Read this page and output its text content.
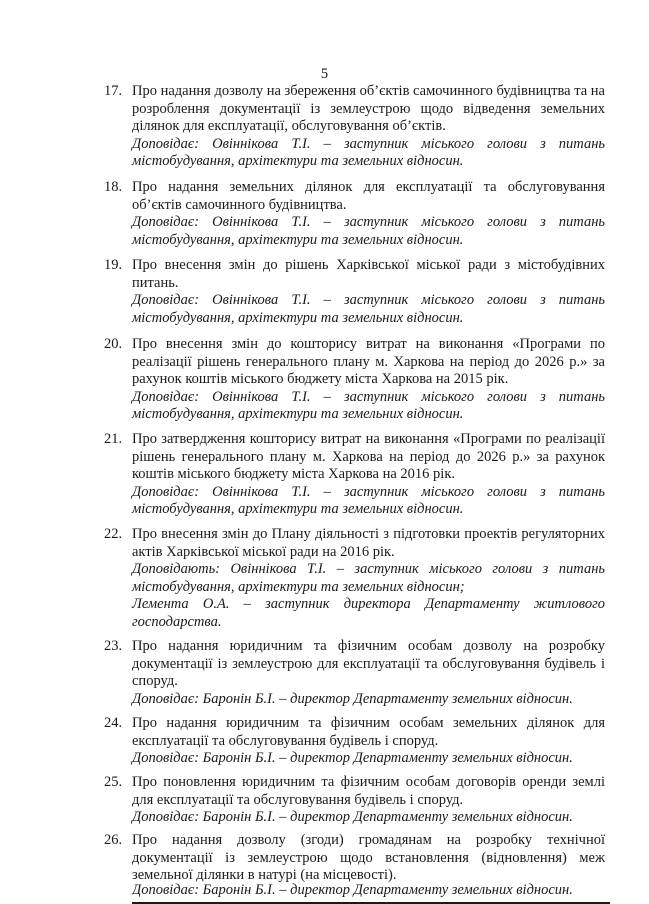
5
17. Про надання дозволу на збереження об’єктів самочинного будівництва та на розроблення документації із землеустрою щодо відведення земельних ділянок для експлуатації, обслуговування об’єктів.
Доповідає: Овіннікова Т.І. – заступник міського голови з питань містобудування, архітектури та земельних відносин.
18. Про надання земельних ділянок для експлуатації та обслуговування об’єктів самочинного будівництва.
Доповідає: Овіннікова Т.І. – заступник міського голови з питань містобудування, архітектури та земельних відносин.
19. Про внесення змін до рішень Харківської міської ради з містобудівних питань.
Доповідає: Овіннікова Т.І. – заступник міського голови з питань містобудування, архітектури та земельних відносин.
20. Про внесення змін до кошторису витрат на виконання «Програми по реалізації рішень генерального плану м. Харкова на період до 2026 р.» за рахунок коштів міського бюджету міста Харкова на 2015 рік.
Доповідає: Овіннікова Т.І. – заступник міського голови з питань містобудування, архітектури та земельних відносин.
21. Про затвердження кошторису витрат на виконання «Програми по реалізації рішень генерального плану м. Харкова на період до 2026 р.» за рахунок коштів міського бюджету міста Харкова на 2016 рік.
Доповідає: Овіннікова Т.І. – заступник міського голови з питань містобудування, архітектури та земельних відносин.
22. Про внесення змін до Плану діяльності з підготовки проектів регуляторних актів Харківської міської ради на 2016 рік.
Доповідають: Овіннікова Т.І. – заступник міського голови з питань містобудування, архітектури та земельних відносин;
Лемента О.А. – заступник директора Департаменту житлового господарства.
23. Про надання юридичним та фізичним особам дозволу на розробку документації із землеустрою для експлуатації та обслуговування будівель і споруд.
Доповідає: Баронін Б.І. – директор Департаменту земельних відносин.
24. Про надання юридичним та фізичним особам земельних ділянок для експлуатації та обслуговування будівель і споруд.
Доповідає: Баронін Б.І. – директор Департаменту земельних відносин.
25. Про поновлення юридичним та фізичним особам договорів оренди землі для експлуатації та обслуговування будівель і споруд.
Доповідає: Баронін Б.І. – директор Департаменту земельних відносин.
26. Про надання дозволу (згоди) громадянам на розробку технічної документації із землеустрою щодо встановлення (відновлення) меж земельної ділянки в натурі (на місцевості).
Доповідає: Баронін Б.І. – директор Департаменту земельних відносин.
